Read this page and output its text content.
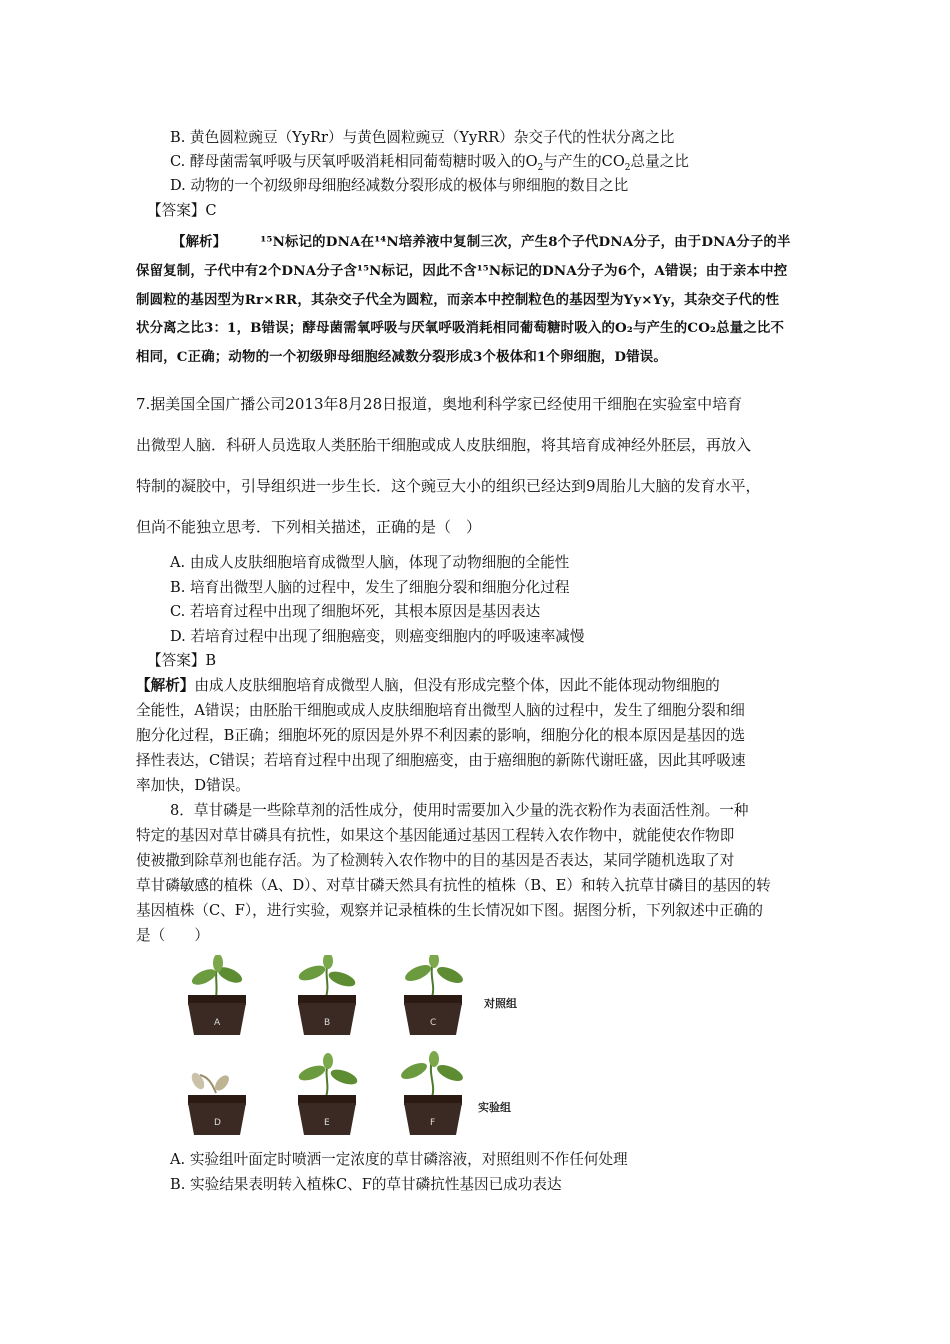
B. 黄色圆粒豌豆（YyRr）与黄色圆粒豌豆（YyRR）杂交子代的性状分离之比
C. 酵母菌需氧呼吸与厌氧呼吸消耗相同葡萄糖时吸入的$O_2$与产生的$CO_2$总量之比
D. 动物的一个初级卵母细胞经减数分裂形成的极体与卵细胞的数目之比
【答案】C
【解析】　　　¹⁵N标记的DNA在¹⁴N培养液中复制三次，产生8个子代DNA分子，由于DNA分子的半
保留复制，子代中有2个DNA分子含¹⁵N标记，因此不含¹⁵N标记的DNA分子为6个，A错误；由于亲本中控
制圆粒的基因型为Rr×RR，其杂交子代全为圆粒，而亲本中控制粒色的基因型为Yy×Yy，其杂交子代的性
状分离之比3：1，B错误；酵母菌需氧呼吸与厌氧呼吸消耗相同葡萄糖时吸入的O₂与产生的CO₂总量之比不
相同，C正确；动物的一个初级卵母细胞经减数分裂形成3个极体和1个卵细胞，D错误。
7.据美国全国广播公司2013年8月28日报道，奥地利科学家已经使用干细胞在实验室中培育
出微型人脑．科研人员选取人类胚胎干细胞或成人皮肤细胞，将其培育成神经外胚层，再放入
特制的凝胶中，引导组织进一步生长．这个豌豆大小的组织已经达到9周胎儿大脑的发育水平，
但尚不能独立思考．下列相关描述，正确的是（　）
A. 由成人皮肤细胞培育成微型人脑，体现了动物细胞的全能性
B. 培育出微型人脑的过程中，发生了细胞分裂和细胞分化过程
C. 若培育过程中出现了细胞坏死，其根本原因是基因表达
D. 若培育过程中出现了细胞癌变，则癌变细胞内的呼吸速率减慢
【答案】B
【解析】由成人皮肤细胞培育成微型人脑，但没有形成完整个体，因此不能体现动物细胞的
全能性，A错误；由胚胎干细胞或成人皮肤细胞培育出微型人脑的过程中，发生了细胞分裂和细
胞分化过程，B正确；细胞坏死的原因是外界不利因素的影响，细胞分化的根本原因是基因的选
择性表达，C错误；若培育过程中出现了细胞癌变，由于癌细胞的新陈代谢旺盛，因此其呼吸速
率加快，D错误。
8．草甘磷是一些除草剂的活性成分，使用时需要加入少量的洗衣粉作为表面活性剂。一种
特定的基因对草甘磷具有抗性，如果这个基因能通过基因工程转入农作物中，就能使农作物即
使被撒到除草剂也能存活。为了检测转入农作物中的目的基因是否表达，某同学随机选取了对
草甘磷敏感的植株（A、D）、对草甘磷天然具有抗性的植株（B、E）和转入抗草甘磷目的基因的转
基因植株（C、F），进行实验，观察并记录植株的生长情况如下图。据图分析，下列叙述中正确的
是（　　）
A	B	C
对照组
D	E	F
实验组
A. 实验组叶面定时喷洒一定浓度的草甘磷溶液，对照组则不作任何处理
B. 实验结果表明转入植株C、F的草甘磷抗性基因已成功表达
